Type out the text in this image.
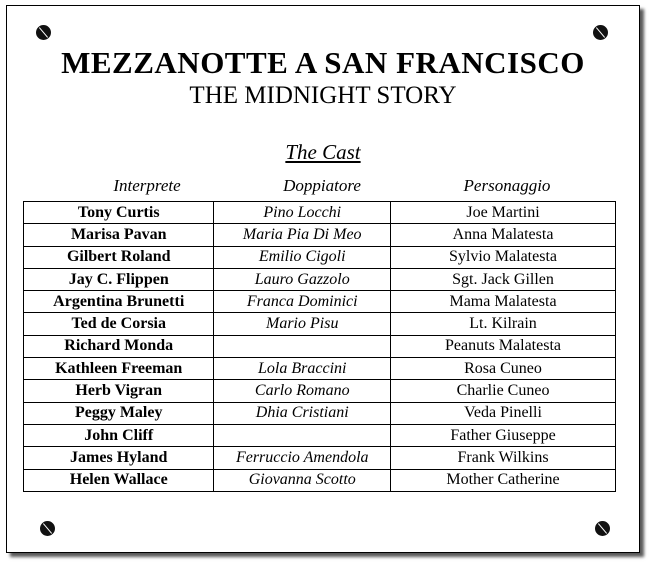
MEZZANOTTE A SAN FRANCISCO
THE MIDNIGHT STORY
The Cast
Interprete	Doppiatore	Personaggio
Tony Curtis	Pino Locchi	Joe Martini
Marisa Pavan	Maria Pia Di Meo	Anna Malatesta
Gilbert Roland	Emilio Cigoli	Sylvio Malatesta
Jay C. Flippen	Lauro Gazzolo	Sgt. Jack Gillen
Argentina Brunetti	Franca Dominici	Mama Malatesta
Ted de Corsia	Mario Pisu	Lt. Kilrain
Richard Monda		Peanuts Malatesta
Kathleen Freeman	Lola Braccini	Rosa Cuneo
Herb Vigran	Carlo Romano	Charlie Cuneo
Peggy Maley	Dhia Cristiani	Veda Pinelli
John Cliff		Father Giuseppe
James Hyland	Ferruccio Amendola	Frank Wilkins
Helen Wallace	Giovanna Scotto	Mother Catherine
